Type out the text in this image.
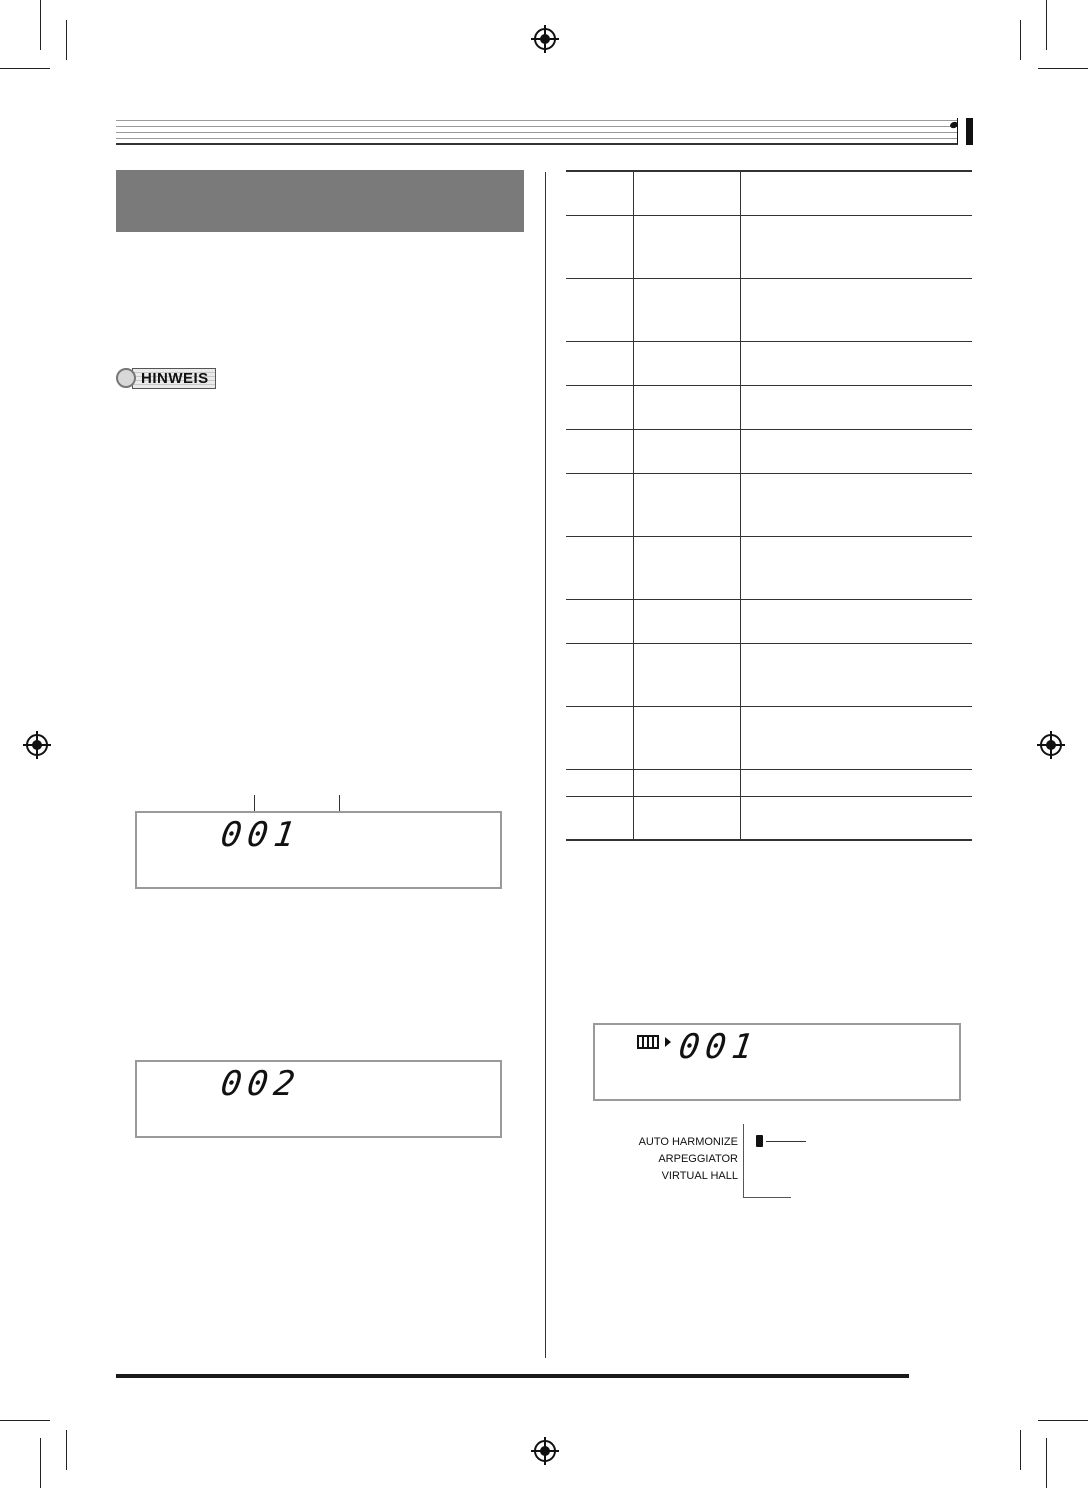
HINWEIS
001
002

001
AUTO HARMONIZE
ARPEGGIATOR
VIRTUAL HALL
